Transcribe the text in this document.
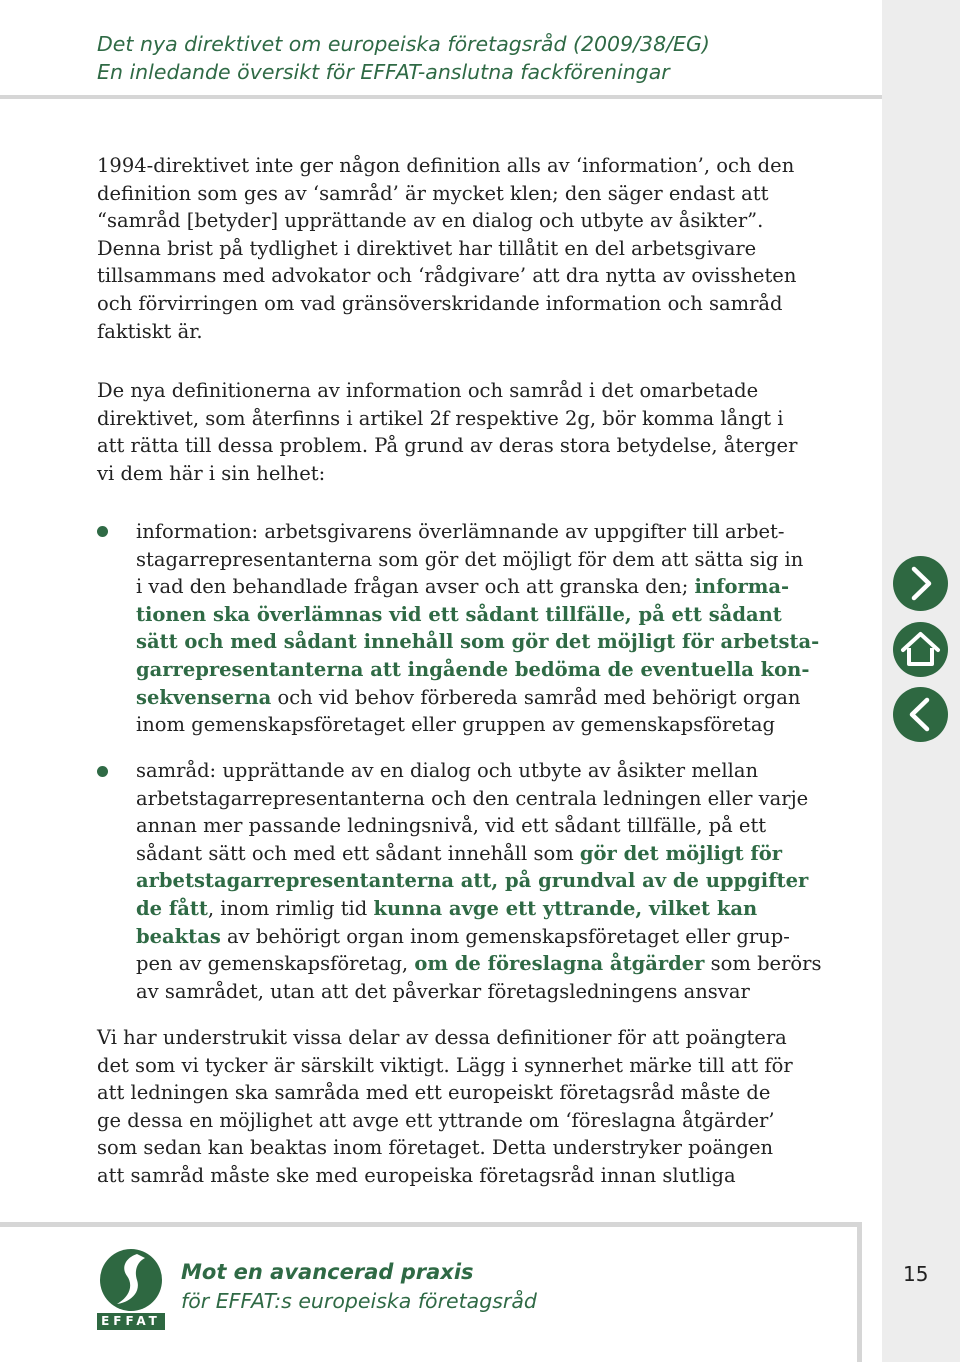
Det nya direktivet om europeiska företagsråd (2009/38/EG)
En inledande översikt för EFFAT-anslutna fackföreningar
1994-direktivet inte ger någon definition alls av ‘information’, och den
definition som ges av ‘samråd’ är mycket klen; den säger endast att
“samråd [betyder] upprättande av en dialog och utbyte av åsikter”.
Denna brist på tydlighet i direktivet har tillåtit en del arbetsgivare
tillsammans med advokator och ‘rådgivare’ att dra nytta av ovissheten
och förvirringen om vad gränsöverskridande information och samråd
faktiskt är.
De nya definitionerna av information och samråd i det omarbetade
direktivet, som återfinns i artikel 2f respektive 2g, bör komma långt i
att rätta till dessa problem. På grund av deras stora betydelse, återger
vi dem här i sin helhet:
information: arbetsgivarens överlämnande av uppgifter till arbet-
stagarrepresentanterna som gör det möjligt för dem att sätta sig in
i vad den behandlade frågan avser och att granska den; informa-
tionen ska överlämnas vid ett sådant tillfälle, på ett sådant
sätt och med sådant innehåll som gör det möjligt för arbetsta-
garrepresentanterna att ingående bedöma de eventuella kon-
sekvenserna och vid behov förbereda samråd med behörigt organ
inom gemenskapsföretaget eller gruppen av gemenskapsföretag
samråd: upprättande av en dialog och utbyte av åsikter mellan
arbetstagarrepresentanterna och den centrala ledningen eller varje
annan mer passande ledningsnivå, vid ett sådant tillfälle, på ett
sådant sätt och med ett sådant innehåll som gör det möjligt för
arbetstagarrepresentanterna att, på grundval av de uppgifter
de fått, inom rimlig tid kunna avge ett yttrande, vilket kan
beaktas av behörigt organ inom gemenskapsföretaget eller grup-
pen av gemenskapsföretag, om de föreslagna åtgärder som berörs
av samrådet, utan att det påverkar företagsledningens ansvar
Vi har understrukit vissa delar av dessa definitioner för att poängtera
det som vi tycker är särskilt viktigt. Lägg i synnerhet märke till att för
att ledningen ska samråda med ett europeiskt företagsråd måste de
ge dessa en möjlighet att avge ett yttrande om ‘föreslagna åtgärder’
som sedan kan beaktas inom företaget. Detta understryker poängen
att samråd måste ske med europeiska företagsråd innan slutliga
EFFAT
Mot en avancerad praxis
för EFFAT:s europeiska företagsråd
15
